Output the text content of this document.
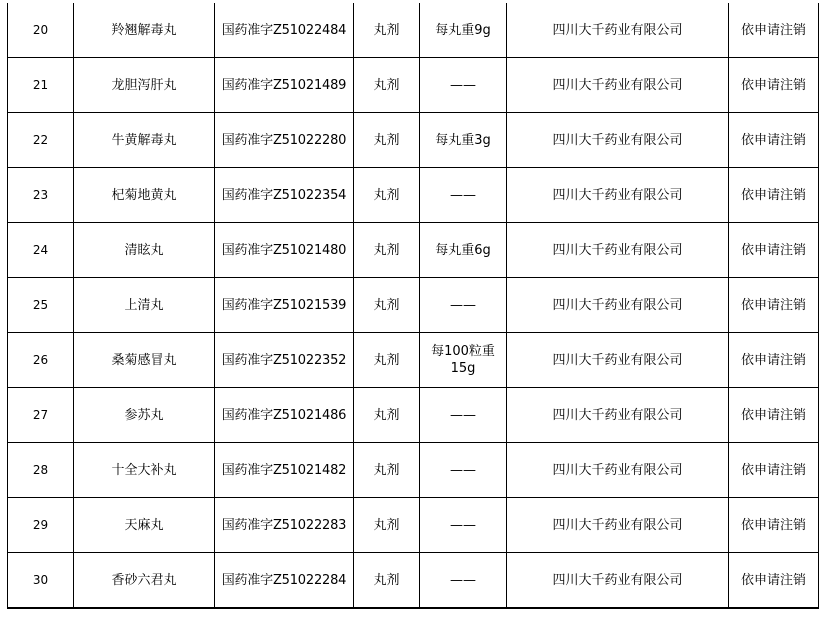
20	羚翘解毒丸	国药准字Z51022484	丸剂	每丸重9g	四川大千药业有限公司	依申请注销
21	龙胆泻肝丸	国药准字Z51021489	丸剂	——	四川大千药业有限公司	依申请注销
22	牛黄解毒丸	国药准字Z51022280	丸剂	每丸重3g	四川大千药业有限公司	依申请注销
23	杞菊地黄丸	国药准字Z51022354	丸剂	——	四川大千药业有限公司	依申请注销
24	清眩丸	国药准字Z51021480	丸剂	每丸重6g	四川大千药业有限公司	依申请注销
25	上清丸	国药准字Z51021539	丸剂	——	四川大千药业有限公司	依申请注销
26	桑菊感冒丸	国药准字Z51022352	丸剂	每100粒重15g	四川大千药业有限公司	依申请注销
27	参苏丸	国药准字Z51021486	丸剂	——	四川大千药业有限公司	依申请注销
28	十全大补丸	国药准字Z51021482	丸剂	——	四川大千药业有限公司	依申请注销
29	天麻丸	国药准字Z51022283	丸剂	——	四川大千药业有限公司	依申请注销
30	香砂六君丸	国药准字Z51022284	丸剂	——	四川大千药业有限公司	依申请注销
